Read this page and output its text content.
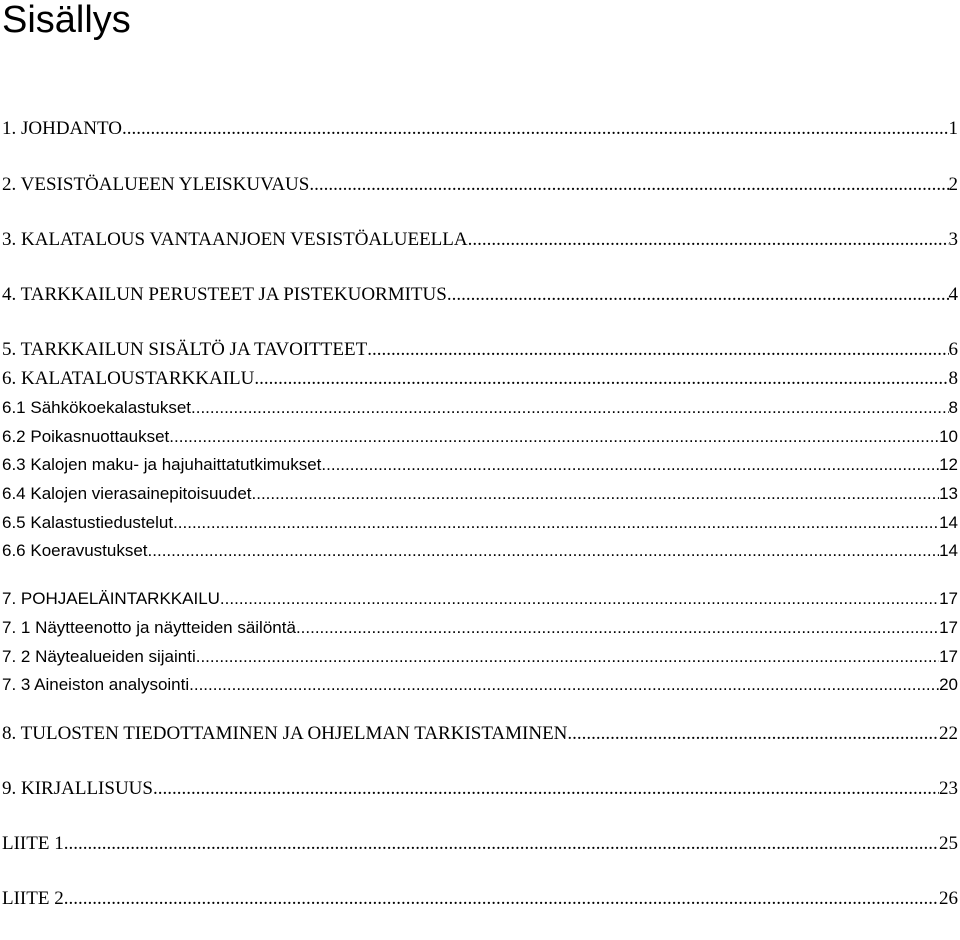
Sisällys
1. JOHDANTO .....	1
2. VESISTÖALUEEN YLEISKUVAUS .....	2
3. KALATALOUS VANTAANJOEN VESISTÖALUEELLA .....	3
4. TARKKAILUN PERUSTEET JA PISTEKUORMITUS .....	4
5. TARKKAILUN SISÄLTÖ JA TAVOITTEET .....	6
6. KALATALOUSTARKKAILU .....	8
6.1 Sähkökoekalastukset .....	8
6.2 Poikasnuottaukset .....	10
6.3 Kalojen maku- ja hajuhaittatutkimukset .....	12
6.4 Kalojen vierasainepitoisuudet .....	13
6.5 Kalastustiedustelut .....	14
6.6 Koeravustukset .....	14
7. POHJAELÄINTARKKAILU .....	17
7. 1 Näytteenotto ja näytteiden säilöntä .....	17
7. 2 Näytealueiden sijainti .....	17
7. 3 Aineiston analysointi .....	20
8. TULOSTEN TIEDOTTAMINEN JA OHJELMAN TARKISTAMINEN .....	22
9. KIRJALLISUUS .....	23
LIITE 1 .....	25
LIITE 2 .....	26
